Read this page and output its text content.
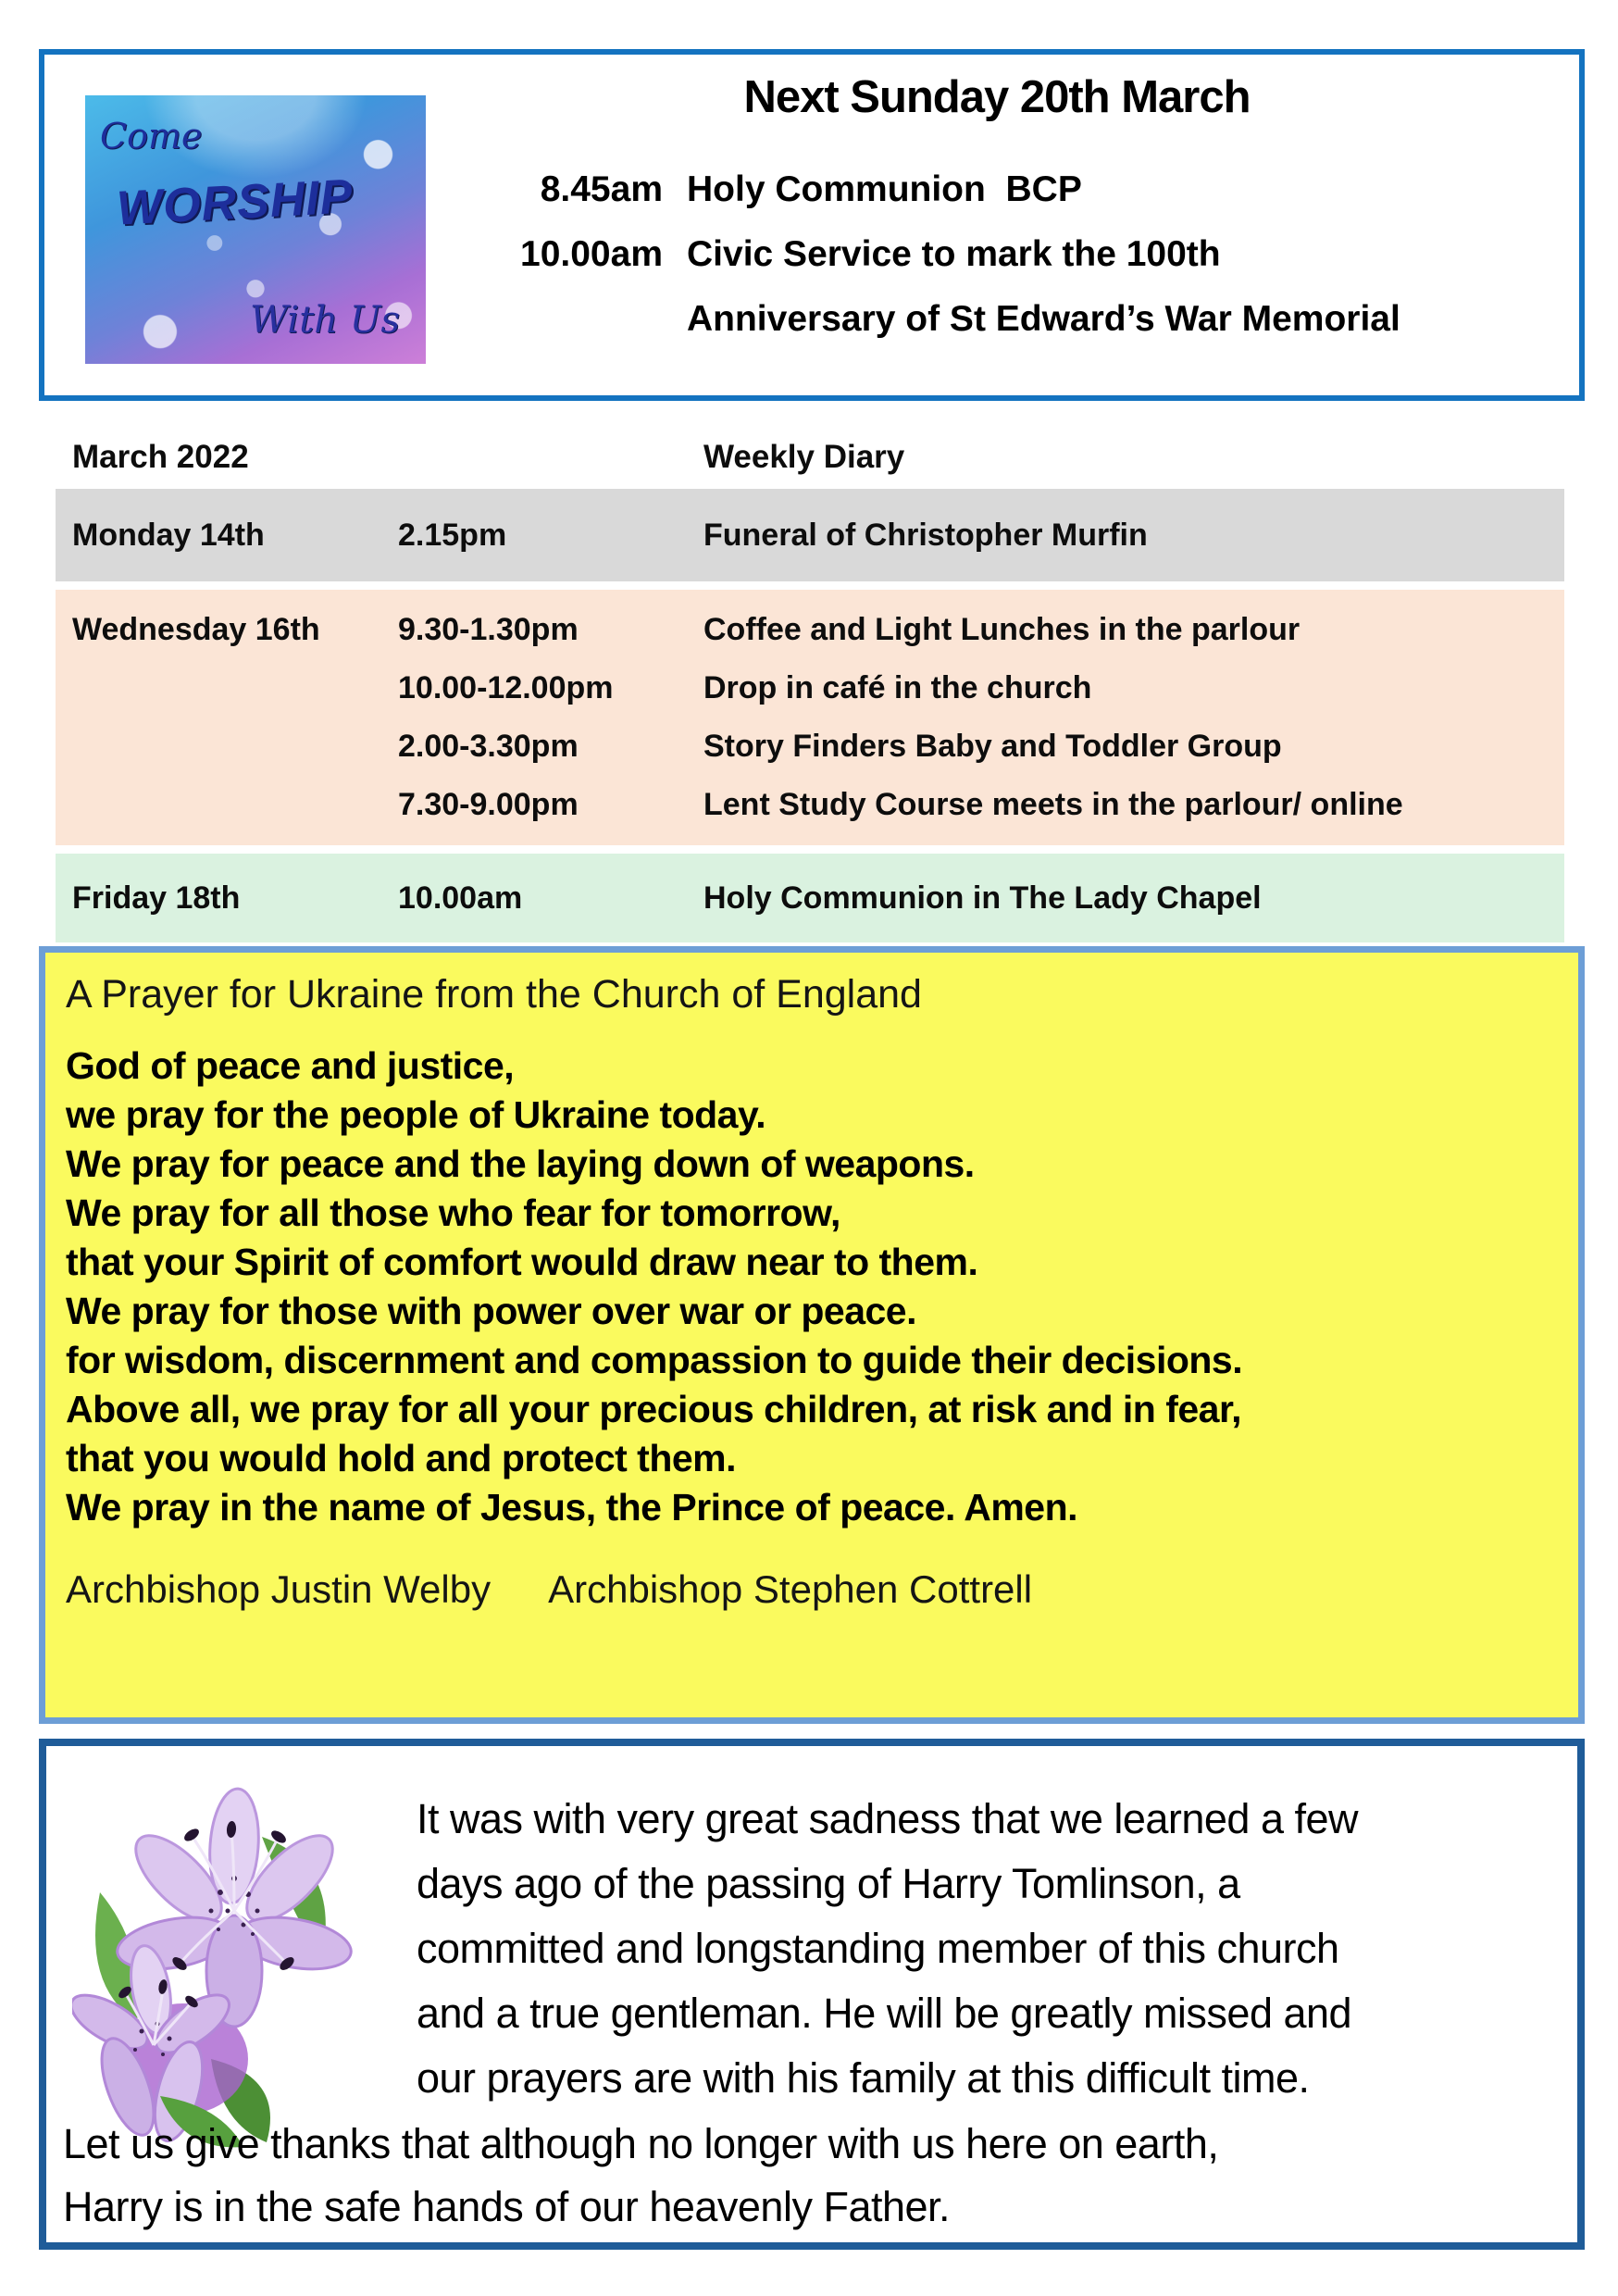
Come
WORSHIP
With Us
Next Sunday 20th March
8.45am Holy Communion  BCP
10.00am Civic Service to mark the 100th
Anniversary of St Edward’s War Memorial
March 2022	Weekly Diary
Monday 14th	2.15pm	Funeral of Christopher Murfin
Wednesday 16th	9.30-1.30pm	Coffee and Light Lunches in the parlour
10.00-12.00pm	Drop in café in the church
2.00-3.30pm	Story Finders Baby and Toddler Group
7.30-9.00pm	Lent Study Course meets in the parlour/ online
Friday 18th	10.00am	Holy Communion in The Lady Chapel
A Prayer for Ukraine from the Church of England
God of peace and justice,
we pray for the people of Ukraine today.
We pray for peace and the laying down of weapons.
We pray for all those who fear for tomorrow,
that your Spirit of comfort would draw near to them.
We pray for those with power over war or peace.
for wisdom, discernment and compassion to guide their decisions.
Above all, we pray for all your precious children, at risk and in fear,
that you would hold and protect them.
We pray in the name of Jesus, the Prince of peace. Amen.
Archbishop Justin Welby Archbishop Stephen Cottrell
It was with very great sadness that we learned a few
days ago of the passing of Harry Tomlinson, a
committed and longstanding member of this church
and a true gentleman. He will be greatly missed and
our prayers are with his family at this difficult time.
Let us give thanks that although no longer with us here on earth,
Harry is in the safe hands of our heavenly Father.
